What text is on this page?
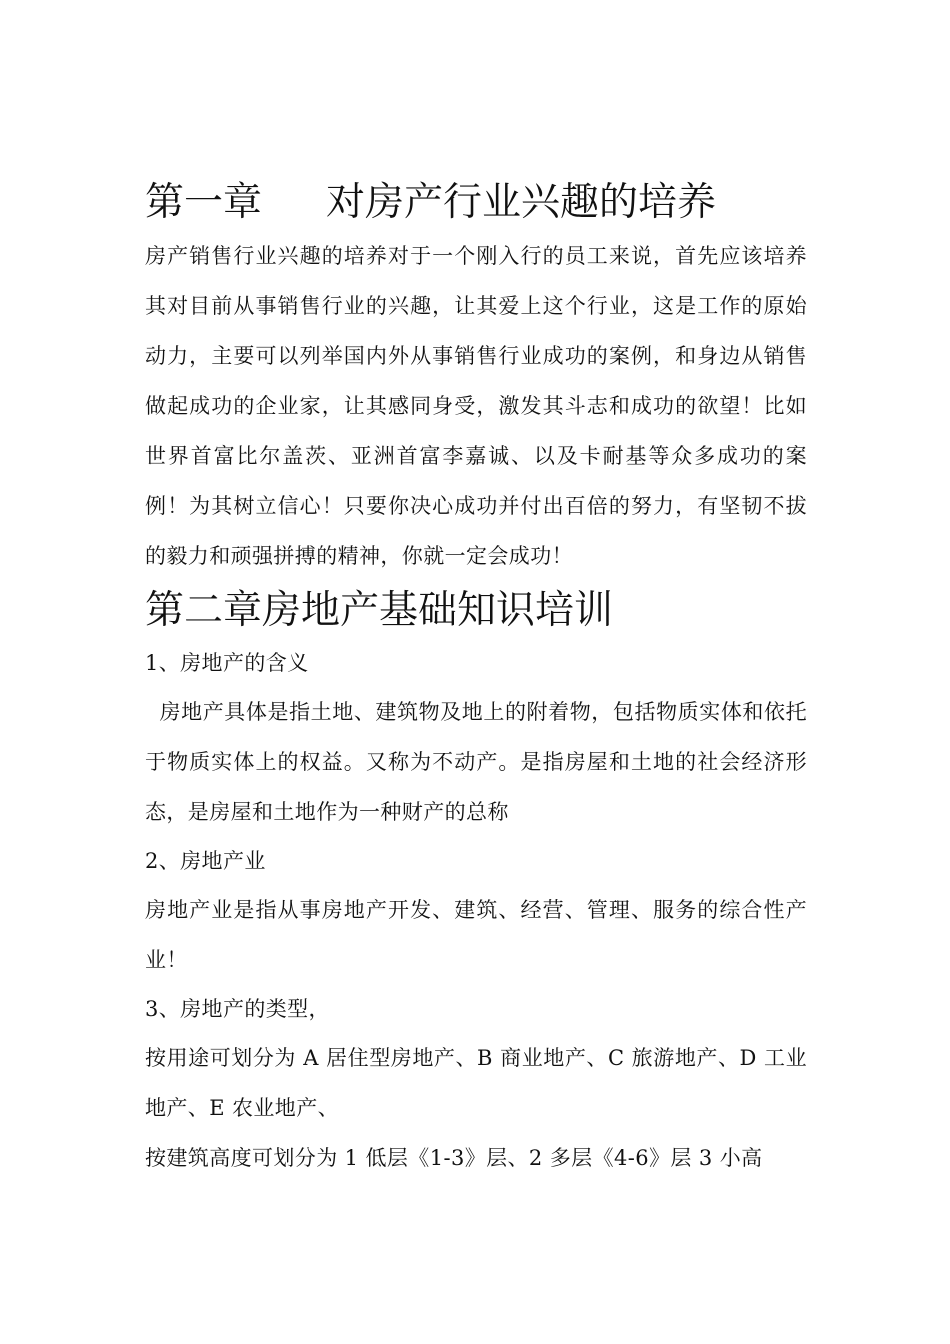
第一章 对房产行业兴趣的培养

房产销售行业兴趣的培养对于一个刚入行的员工来说，首先应该培养其对目前从事销售行业的兴趣，让其爱上这个行业，这是工作的原始动力，主要可以列举国内外从事销售行业成功的案例，和身边从销售做起成功的企业家，让其感同身受，激发其斗志和成功的欲望！比如世界首富比尔盖茨、亚洲首富李嘉诚、以及卡耐基等众多成功的案例！为其树立信心！只要你决心成功并付出百倍的努力，有坚韧不拔的毅力和顽强拼搏的精神，你就一定会成功！

第二章房地产基础知识培训

1、房地产的含义

房地产具体是指土地、建筑物及地上的附着物，包括物质实体和依托于物质实体上的权益。又称为不动产。是指房屋和土地的社会经济形态，是房屋和土地作为一种财产的总称

2、房地产业

房地产业是指从事房地产开发、建筑、经营、管理、服务的综合性产业！

3、房地产的类型，

按用途可划分为 A 居住型房地产、B 商业地产、C 旅游地产、D 工业地产、E 农业地产、

按建筑高度可划分为 1 低层《1-3》层、2 多层《4-6》层 3 小高
